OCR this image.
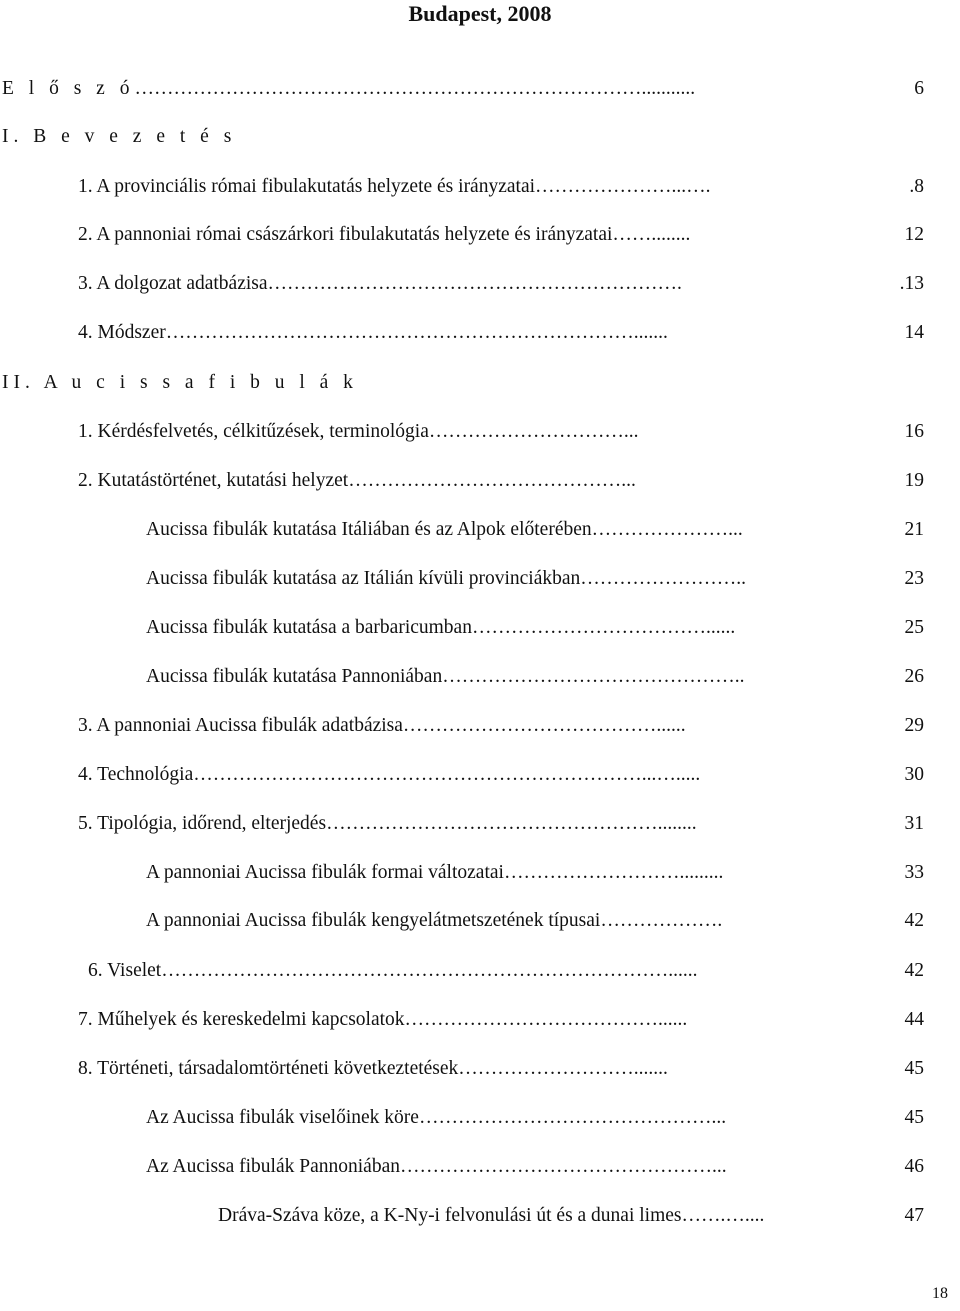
Budapest, 2008
E l ő s z ó ……………………………………………………………………...........	6
I. B e v e z e t é s
1. A provinciális római fibulakutatás helyzete és irányzatai …………………...….	.8
2. A pannoniai római császárkori fibulakutatás helyzete és irányzatai ……........	12
3. A dolgozat adatbázisa ……………………………………………………….	.13
4. Módszer ……………………………………………………………….......	14
II. A u c i s s a f i b u l á k
1. Kérdésfelvetés, célkitűzések, terminológia …………………………...	16
2. Kutatástörténet, kutatási helyzet ……………………………………...	19
Aucissa fibulák kutatása Itáliában és az Alpok előterében …………………...	21
Aucissa fibulák kutatása az Itálián kívüli provinciákban ……………………..	23
Aucissa fibulák kutatása a barbaricumban ………………………………......	25
Aucissa fibulák kutatása Pannoniában ………………………………………..	26
3. A pannoniai Aucissa fibulák adatbázisa …………………………………......	29
4. Technológia ……………………………………………………………...….....	30
5. Tipológia, időrend, elterjedés ……………………………………………........	31
A pannoniai Aucissa fibulák formai változatai ……………………….........	33
A pannoniai Aucissa fibulák kengyelátmetszetének típusai ……………….	42
6. Viselet ……………………………………………………………………......	42
7. Műhelyek és kereskedelmi kapcsolatok …………………………………......	44
8. Történeti, társadalomtörténeti következtetések ……………………….......	45
Az Aucissa fibulák viselőinek köre ………………………………………...	45
Az Aucissa fibulák Pannoniában …………………………………………...	46
Dráva-Száva köze, a K-Ny-i felvonulási út és a dunai limes …….…....	47
18
